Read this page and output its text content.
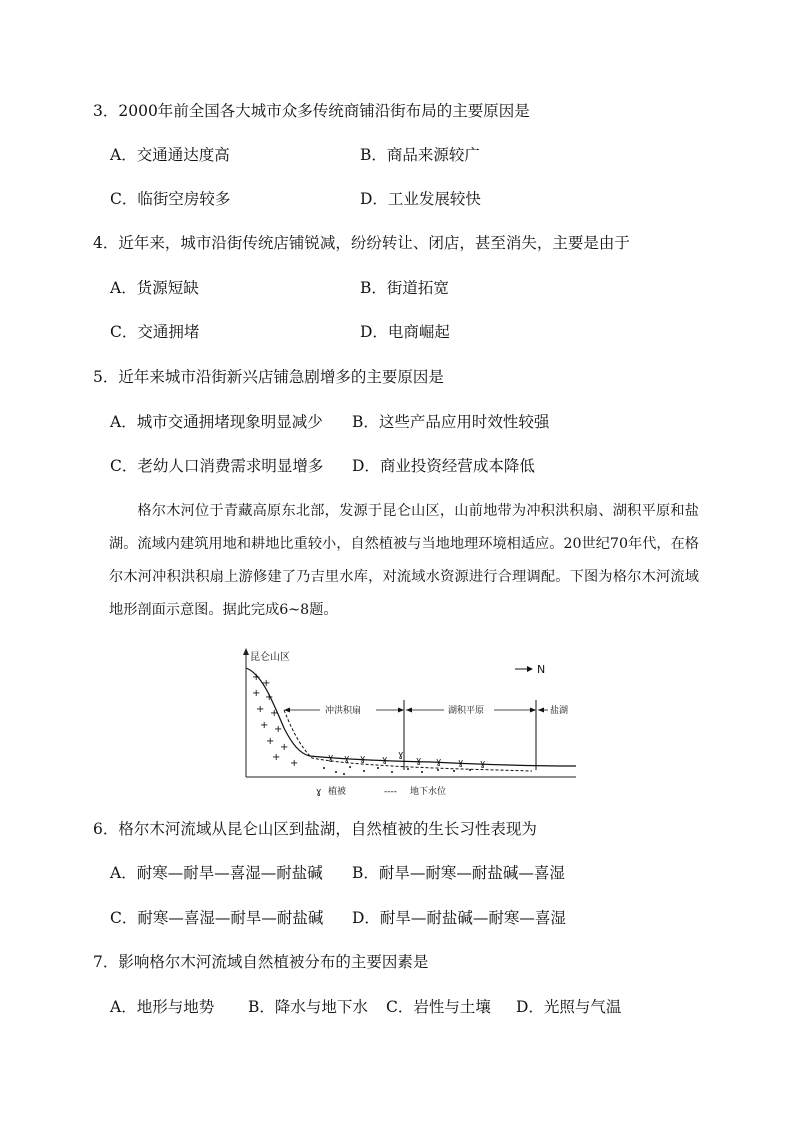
3．2000年前全国各大城市众多传统商铺沿街布局的主要原因是
A．交通通达度高	B．商品来源较广
C．临街空房较多	D．工业发展较快
4．近年来，城市沿街传统店铺锐减，纷纷转让、闭店，甚至消失，主要是由于
A．货源短缺	B．街道拓宽
C．交通拥堵	D．电商崛起
5．近年来城市沿街新兴店铺急剧增多的主要原因是
A．城市交通拥堵现象明显减少 B．这些产品应用时效性较强
C．老幼人口消费需求明显增多 D．商业投资经营成本降低

格尔木河位于青藏高原东北部，发源于昆仑山区，山前地带为冲积洪积扇、湖积平原和盐湖。流域内建筑用地和耕地比重较小，自然植被与当地地理环境相适应。20世纪70年代，在格尔木河冲积洪积扇上游修建了乃吉里水库，对流域水资源进行合理调配。下图为格尔木河流域地形剖面示意图。据此完成6~8题。

昆仑山区
N
+
+
+ +
+ +
+ +
+
+
+
+	ɣ ɣ ɣ ɣ ɣ
ɣ ɣ ɣ ɣ
冲洪积扇	湖积平原	盐湖
ɣ 植被	---- 地下水位
6．格尔木河流域从昆仑山区到盐湖，自然植被的生长习性表现为
A．耐寒—耐旱—喜湿—耐盐碱 B．耐旱—耐寒—耐盐碱—喜湿
C．耐寒—喜湿—耐旱—耐盐碱 D．耐旱—耐盐碱—耐寒—喜湿
7．影响格尔木河流域自然植被分布的主要因素是
A．地形与地势 B．降水与地下水 C．岩性与土壤 D．光照与气温
